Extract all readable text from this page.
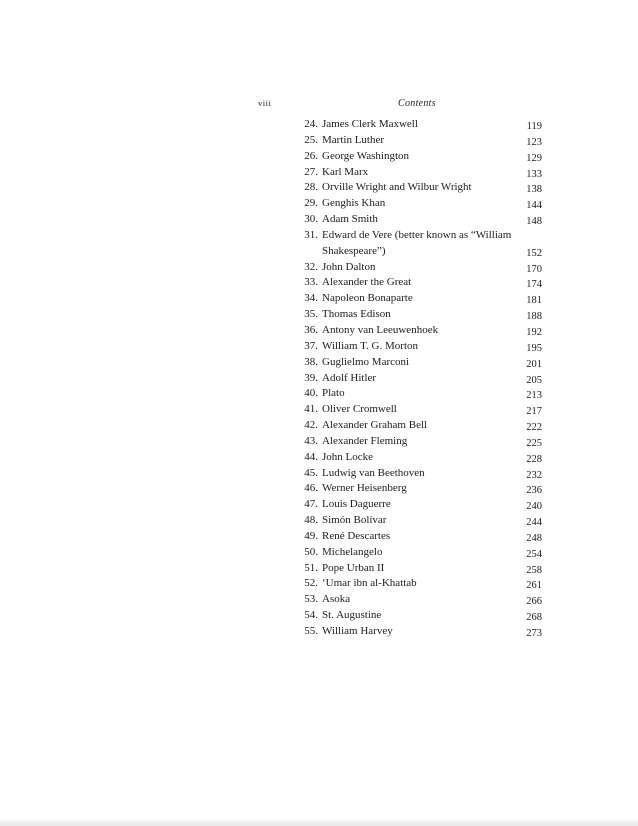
viii	Contents
24. James Clerk Maxwell	119
25. Martin Luther	123
26. George Washington	129
27. Karl Marx	133
28. Orville Wright and Wilbur Wright	138
29. Genghis Khan	144
30. Adam Smith	148
31. Edward de Vere (better known as “William Shakespeare”)	152
32. John Dalton	170
33. Alexander the Great	174
34. Napoleon Bonaparte	181
35. Thomas Edison	188
36. Antony van Leeuwenhoek	192
37. William T. G. Morton	195
38. Guglielmo Marconi	201
39. Adolf Hitler	205
40. Plato	213
41. Oliver Cromwell	217
42. Alexander Graham Bell	222
43. Alexander Fleming	225
44. John Locke	228
45. Ludwig van Beethoven	232
46. Werner Heisenberg	236
47. Louis Daguerre	240
48. Simón Bolívar	244
49. René Descartes	248
50. Michelangelo	254
51. Pope Urban II	258
52. ʻUmar ibn al-Khattab	261
53. Asoka	266
54. St. Augustine	268
55. William Harvey	273
